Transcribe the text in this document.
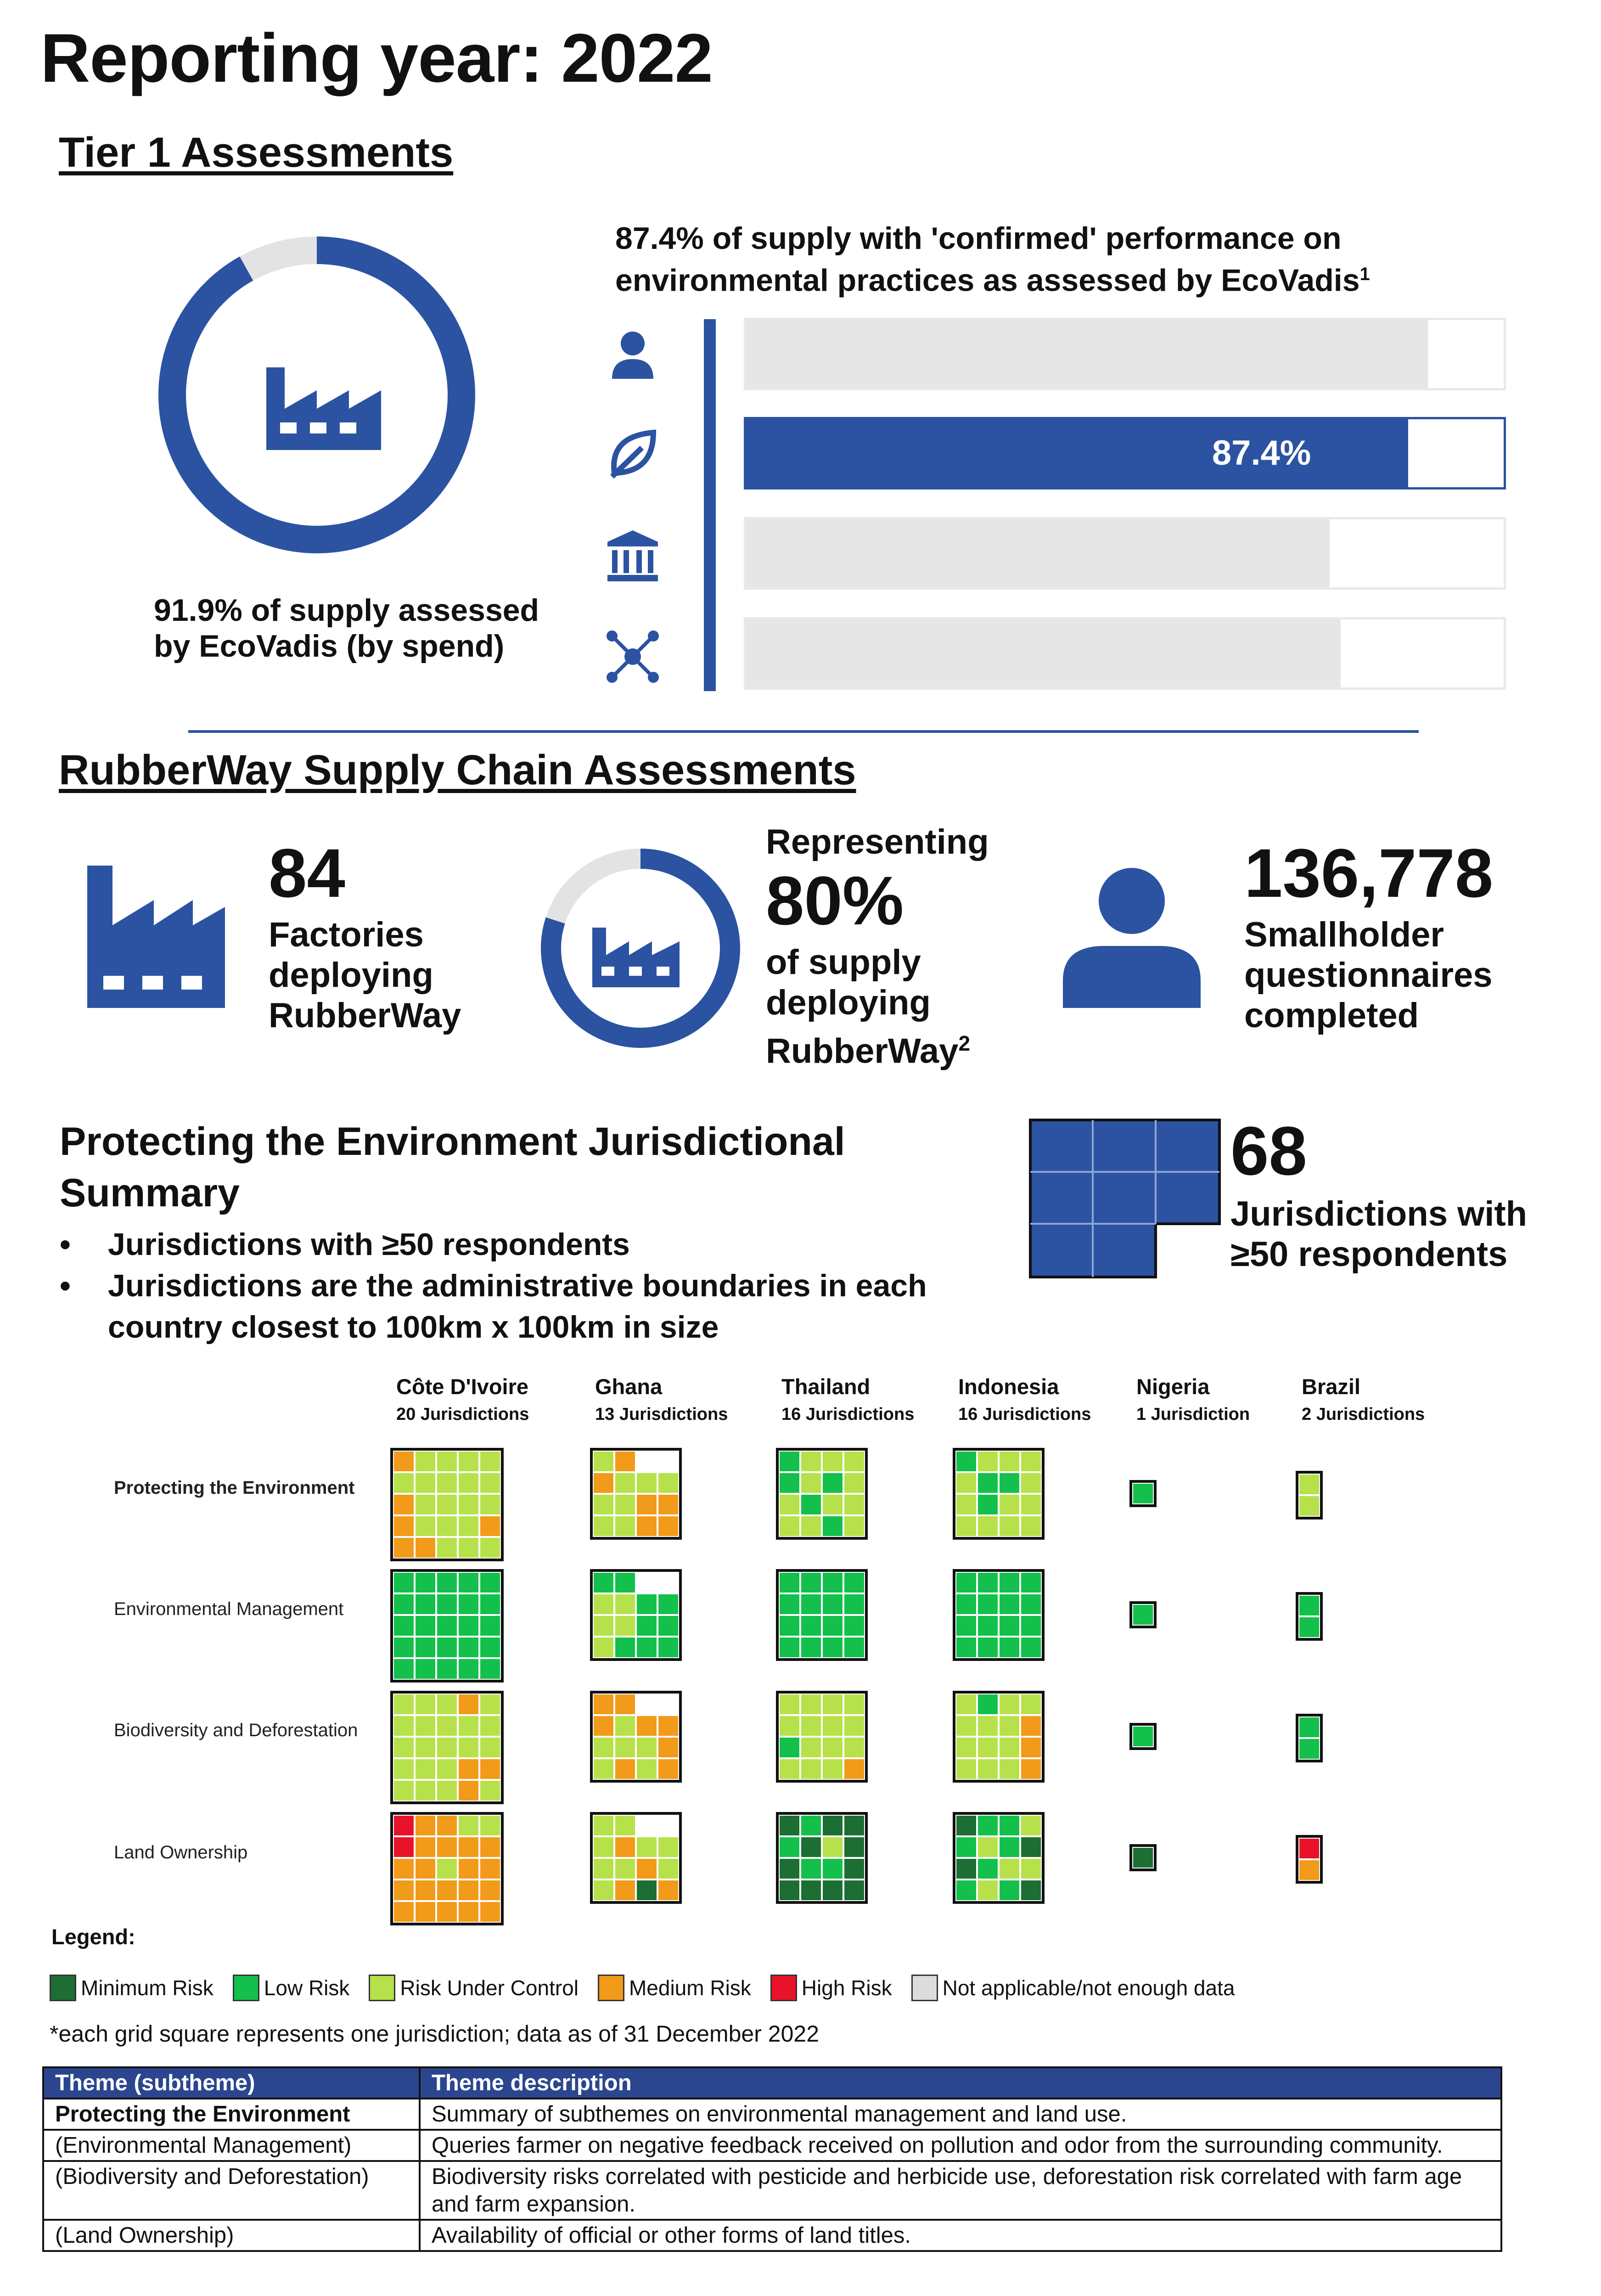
Reporting year: 2022
Tier 1 Assessments
91.9% of supply assessed by EcoVadis (by spend)
87.4% of supply with 'confirmed' performance on environmental practices as assessed by EcoVadis$^1$
87.4%
RubberWay Supply Chain Assessments
84
Factories deploying RubberWay
Representing
80%
of supply deploying RubberWay$^2$
136,778
Smallholder questionnaires completed
Protecting the Environment Jurisdictional Summary
• Jurisdictions with ≥50 respondents
• Jurisdictions are the administrative boundaries in each country closest to 100km x 100km in size
68
Jurisdictions with ≥50 respondents
Côte D'Ivoire
20 Jurisdictions
Ghana
13 Jurisdictions
Thailand
16 Jurisdictions
Indonesia
16 Jurisdictions
Nigeria
1 Jurisdiction
Brazil
2 Jurisdictions
Protecting the Environment
Environmental Management
Biodiversity and Deforestation
Land Ownership
Legend:
Minimum Risk Low Risk Risk Under Control Medium Risk High Risk Not applicable/not enough data
*each grid square represents one jurisdiction; data as of 31 December 2022
Theme (subtheme)	Theme description
Protecting the Environment	Summary of subthemes on environmental management and land use.
(Environmental Management)	Queries farmer on negative feedback received on pollution and odor from the surrounding community.
(Biodiversity and Deforestation)	Biodiversity risks correlated with pesticide and herbicide use, deforestation risk correlated with farm age and farm expansion.
(Land Ownership)	Availability of official or other forms of land titles.
